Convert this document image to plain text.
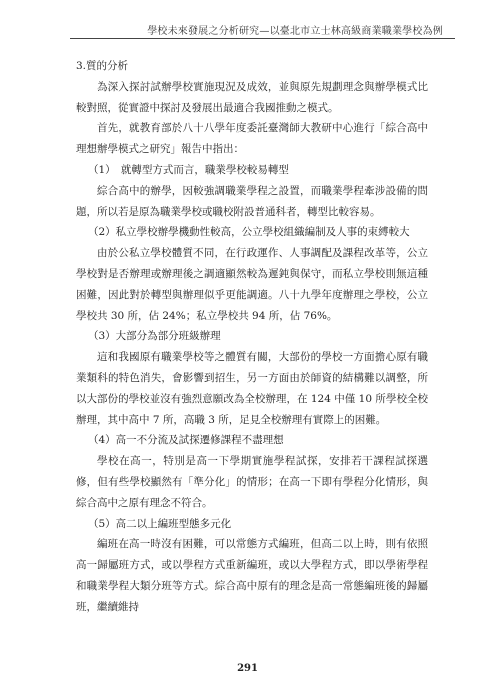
學校未來發展之分析研究—以臺北市立士林高級商業職業學校為例

3.質的分析

為深入探討試辦學校實施現況及成效，並與原先規劃理念與辦學模式比較對照，從實證中探討及發展出最適合我國推動之模式。

首先，就教育部於八十八學年度委託臺灣師大教研中心進行「綜合高中理想辦學模式之研究」報告中指出：

（1）　就轉型方式而言，職業學校較易轉型

綜合高中的辦學，因較強調職業學程之設置，而職業學程牽涉設備的問題，所以若是原為職業學校或職校附設普通科者，轉型比較容易。

（2）私立學校辦學機動性較高，公立學校組織編制及人事的束縛較大

由於公私立學校體質不同，在行政運作、人事調配及課程改革等，公立學校對是否辦理或辦理後之調適顯然較為遲鈍與保守，而私立學校則無這種困難，因此對於轉型與辦理似乎更能調適。八十九學年度辦理之學校，公立學校共 30 所，佔 24%；私立學校共 94 所，佔 76%。

（3）大部分為部分班級辦理

這和我國原有職業學校等之體質有關，大部份的學校一方面擔心原有職業類科的特色消失，會影響到招生，另一方面由於師資的結構難以調整，所以大部份的學校並沒有強烈意願改為全校辦理，在 124 中僅 10 所學校全校辦理，其中高中 7 所，高職 3 所，足見全校辦理有實際上的困難。

（4）高一不分流及試探遷修課程不盡理想

學校在高一，特別是高一下學期實施學程試探，安排若干課程試探選修，但有些學校顯然有「準分化」的情形；在高一下即有學程分化情形，與綜合高中之原有理念不符合。

（5）高二以上編班型態多元化

編班在高一時沒有困難，可以常態方式編班，但高二以上時，則有依照高一歸屬班方式，或以學程方式重新編班，或以大學程方式，即以學術學程和職業學程大類分班等方式。綜合高中原有的理念是高一常態編班後的歸屬班，繼續維持

291
